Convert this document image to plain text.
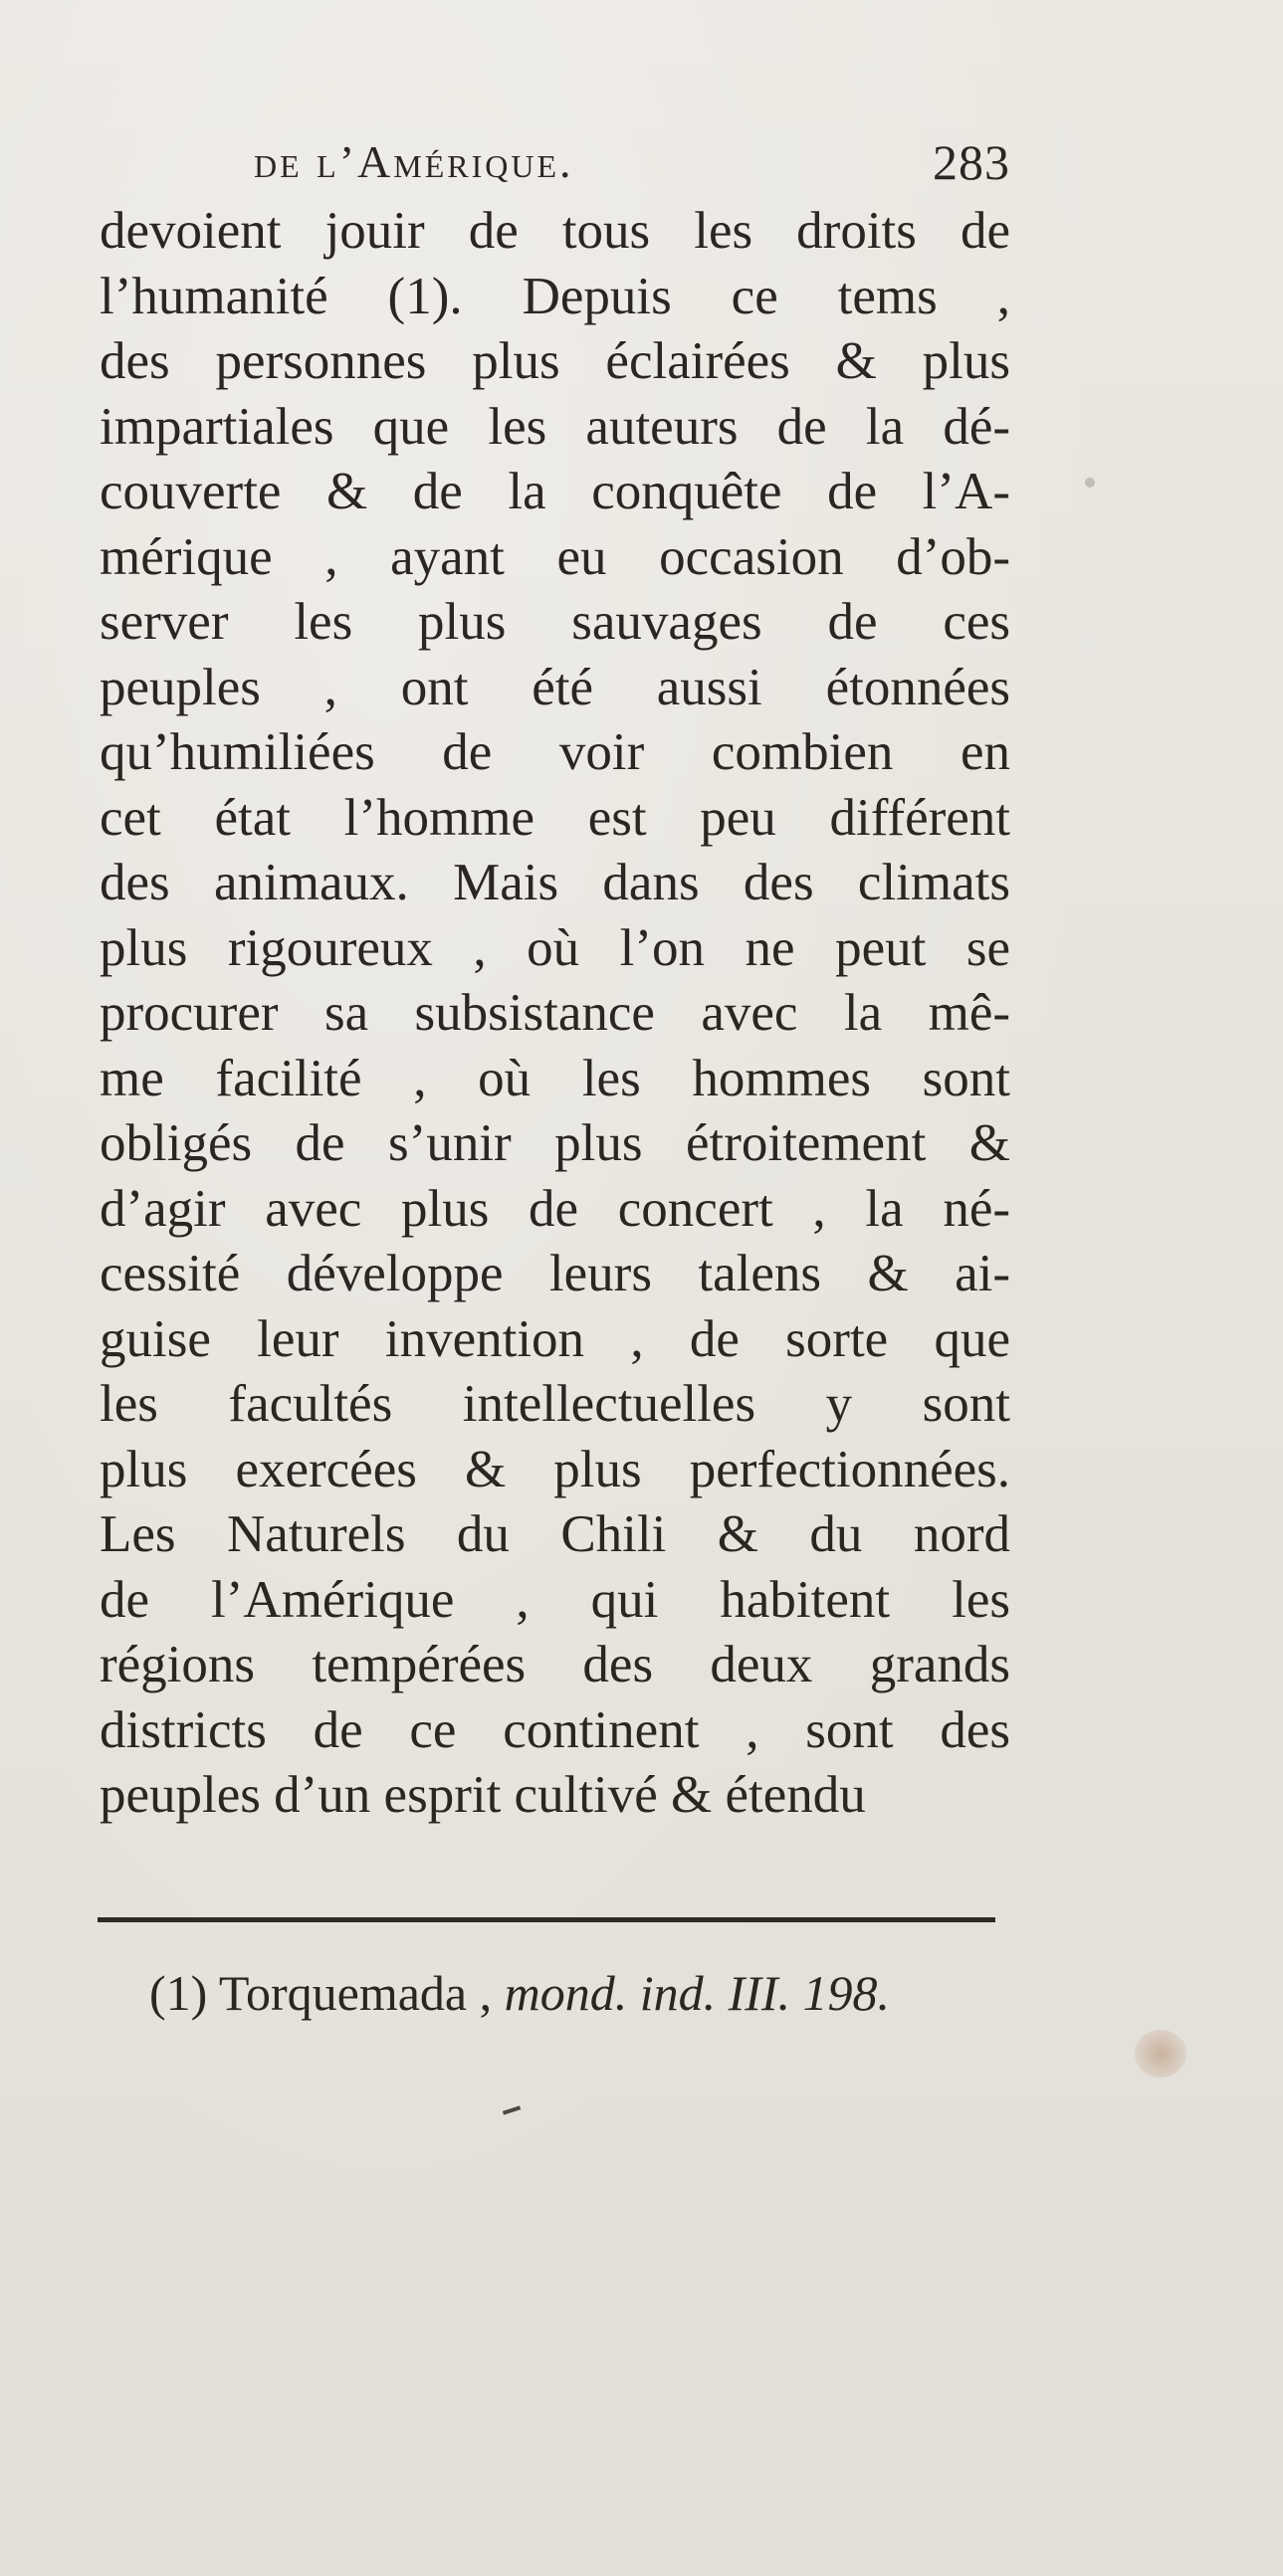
de l’Amérique.	283
devoient jouir de tous les droits de
l’humanité (1). Depuis ce tems ,
des personnes plus éclairées & plus
impartiales que les auteurs de la dé-
couverte & de la conquête de l’A-
mérique , ayant eu occasion d’ob-
server les plus sauvages de ces
peuples , ont été aussi étonnées
qu’humiliées de voir combien en
cet état l’homme est peu différent
des animaux. Mais dans des climats
plus rigoureux , où l’on ne peut se
procurer sa subsistance avec la mê-
me facilité , où les hommes sont
obligés de s’unir plus étroitement &
d’agir avec plus de concert , la né-
cessité développe leurs talens & ai-
guise leur invention , de sorte que
les facultés intellectuelles y sont
plus exercées & plus perfectionnées.
Les Naturels du Chili & du nord
de l’Amérique , qui habitent les
régions tempérées des deux grands
districts de ce continent , sont des
peuples d’un esprit cultivé & étendu
(1) Torquemada , mond. ind. III. 198.
